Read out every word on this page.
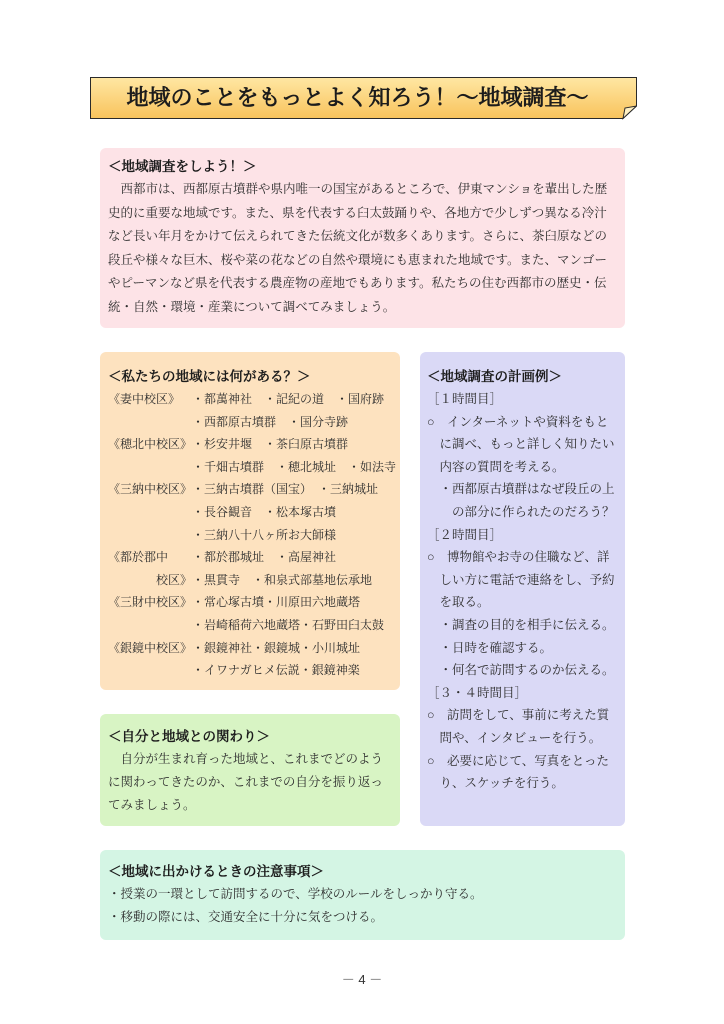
地域のことをもっとよく知ろう！～地域調査～
＜地域調査をしよう！＞
西都市は、西都原古墳群や県内唯一の国宝があるところで、伊東マンショを輩出した歴
史的に重要な地域です。また、県を代表する臼太鼓踊りや、各地方で少しずつ異なる冷汁
など長い年月をかけて伝えられてきた伝統文化が数多くあります。さらに、茶臼原などの
段丘や様々な巨木、桜や菜の花などの自然や環境にも恵まれた地域です。また、マンゴー
やピーマンなど県を代表する農産物の産地でもあります。私たちの住む西都市の歴史・伝
統・自然・環境・産業について調べてみましょう。
＜私たちの地域には何がある？＞
《妻中校区》 ・都萬神社　・記紀の道　・国府跡
・西都原古墳群　・国分寺跡
《穂北中校区》 ・杉安井堰　・茶臼原古墳群
・千畑古墳群　・穂北城址　・如法寺
《三納中校区》 ・三納古墳群（国宝）　・三納城址
・長谷観音　・松本塚古墳
・三納八十八ヶ所お大師様
《都於郡中	・都於郡城址　・高屋神社
校区》 ・黒貫寺　・和泉式部墓地伝承地
《三財中校区》 ・常心塚古墳・川原田六地蔵塔
・岩崎稲荷六地蔵塔・石野田臼太鼓
《銀鏡中校区》 ・銀鏡神社・銀鏡城・小川城址
・イワナガヒメ伝説・銀鏡神楽
＜自分と地域との関わり＞
自分が生まれ育った地域と、これまでどのよう
に関わってきたのか、これまでの自分を振り返っ
てみましょう。
＜地域調査の計画例＞
［１時間目］
○　インターネットや資料をもと
に調べ、もっと詳しく知りたい
内容の質問を考える。
・西都原古墳群はなぜ段丘の上
の部分に作られたのだろう？
［２時間目］
○　博物館やお寺の住職など、詳
しい方に電話で連絡をし、予約
を取る。
・調査の目的を相手に伝える。
・日時を確認する。
・何名で訪問するのか伝える。
［３・４時間目］
○　訪問をして、事前に考えた質
問や、インタビューを行う。
○　必要に応じて、写真をとった
り、スケッチを行う。
＜地域に出かけるときの注意事項＞
・授業の一環として訪問するので、学校のルールをしっかり守る。
・移動の際には、交通安全に十分に気をつける。
－ 4 －
